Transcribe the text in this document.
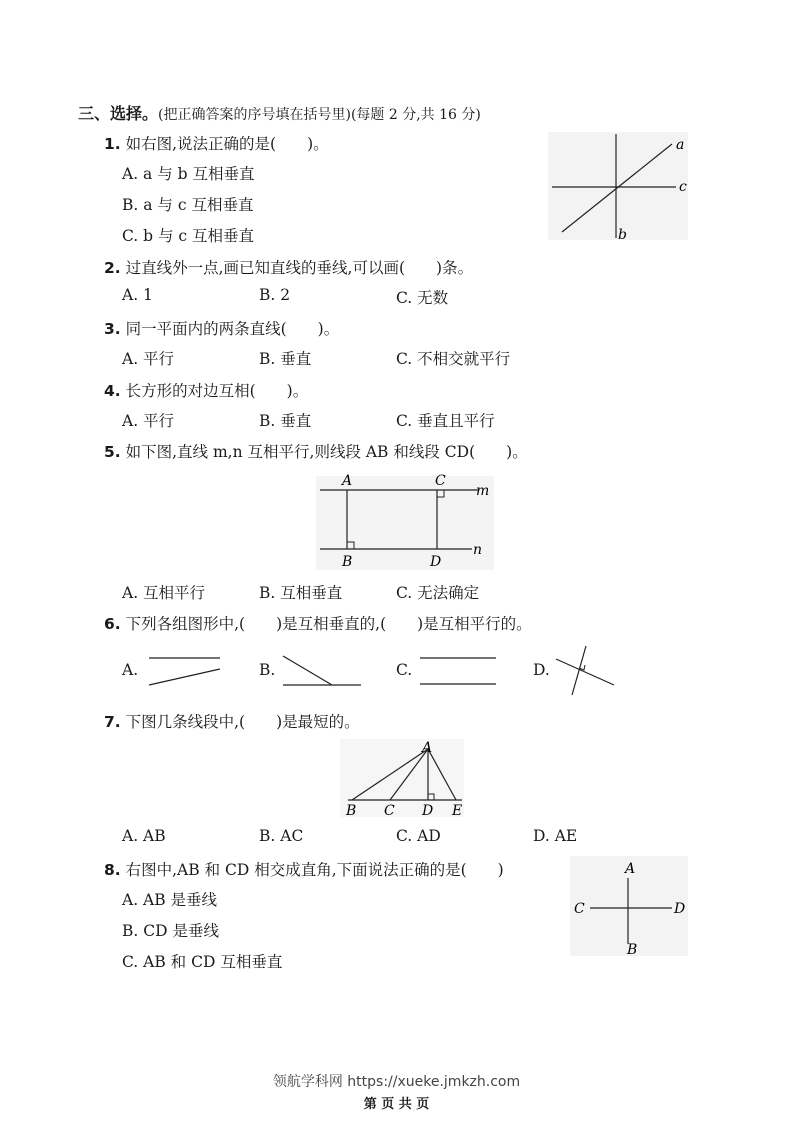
三、选择。(把正确答案的序号填在括号里)(每题 2 分,共 16 分)
1. 如右图,说法正确的是(　　)。
A. a 与 b 互相垂直
B. a 与 c 互相垂直
C. b 与 c 互相垂直
a
c
b
2. 过直线外一点,画已知直线的垂线,可以画(　　)条。
A. 1	B. 2	C. 无数
3. 同一平面内的两条直线(　　)。
A. 平行	B. 垂直	C. 不相交就平行
4. 长方形的对边互相(　　)。
A. 平行	B. 垂直	C. 垂直且平行
5. 如下图,直线 m,n 互相平行,则线段 AB 和线段 CD(　　)。
A	C
m
B	D
n
A. 互相平行	B. 互相垂直	C. 无法确定
6. 下列各组图形中,(　　)是互相垂直的,(　　)是互相平行的。
A.	B.	C.	D.
7. 下图几条线段中,(　　)是最短的。
A
B C D E
A. AB	B. AC	C. AD	D. AE
8. 右图中,AB 和 CD 相交成直角,下面说法正确的是(　　)
A. AB 是垂线
B. CD 是垂线
C. AB 和 CD 互相垂直
A
C	D
B
领航学科网 https://xueke.jmkzh.com
第 页 共 页
